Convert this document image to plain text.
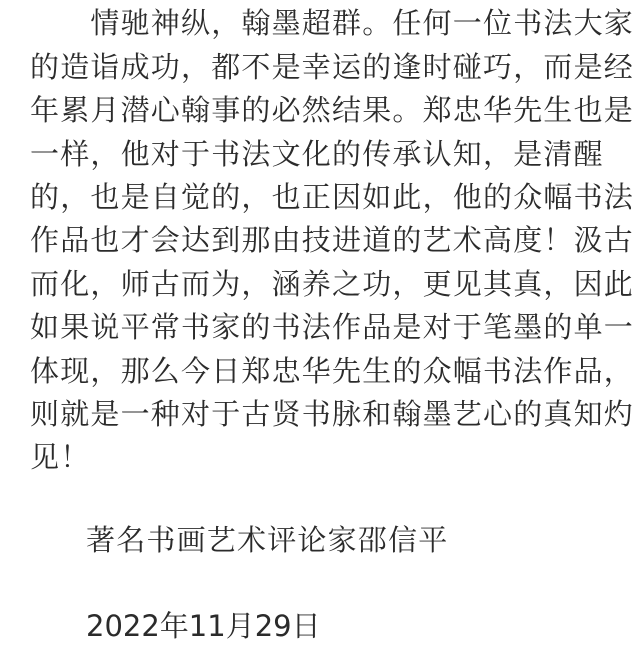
　　情驰神纵，翰墨超群。任何一位书法大家
的造诣成功，都不是幸运的逢时碰巧，而是经
年累月潜心翰事的必然结果。郑忠华先生也是
一样，他对于书法文化的传承认知，是清醒
的，也是自觉的，也正因如此，他的众幅书法
作品也才会达到那由技进道的艺术高度！汲古
而化，师古而为，涵养之功，更见其真，因此
如果说平常书家的书法作品是对于笔墨的单一
体现，那么今日郑忠华先生的众幅书法作品，
则就是一种对于古贤书脉和翰墨艺心的真知灼
见！
著名书画艺术评论家邵信平
2022年11月29日
